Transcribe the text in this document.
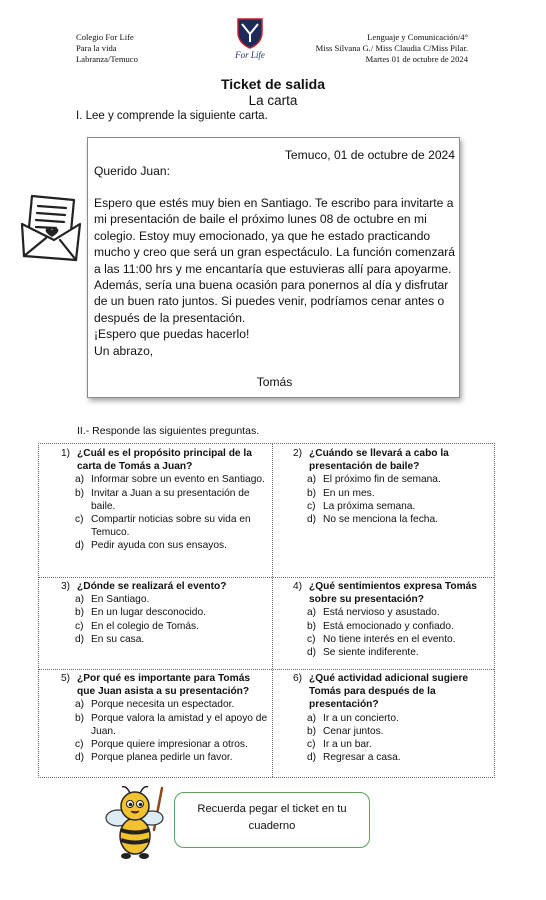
Colegio For Life
Para la vida
Labranza/Temuco	For Life
Lenguaje y Comunicación/4°
Miss Silvana G./ Miss Claudia C/Miss Pilar.
Martes 01 de octubre de 2024
Ticket de salida
La carta
I. Lee y comprende la siguiente carta.
Temuco, 01 de octubre de 2024
Querido Juan:

Espero que estés muy bien en Santiago. Te escribo para invitarte a mi presentación de baile el próximo lunes 08 de octubre en mi colegio. Estoy muy emocionado, ya que he estado practicando mucho y creo que será un gran espectáculo. La función comenzará a las 11:00 hrs y me encantaría que estuvieras allí para apoyarme.

Además, sería una buena ocasión para ponernos al día y disfrutar de un buen rato juntos. Si puedes venir, podríamos cenar antes o después de la presentación.

¡Espero que puedas hacerlo!

Un abrazo,

Tomás
II.- Responde las siguientes preguntas.
1) ¿Cuál es el propósito principal de la carta de Tomás a Juan?
a) Informar sobre un evento en Santiago.
b) Invitar a Juan a su presentación de baile.
c) Compartir noticias sobre su vida en Temuco.
d) Pedir ayuda con sus ensayos.
2) ¿Cuándo se llevará a cabo la presentación de baile?
a) El próximo fin de semana.
b) En un mes.
c) La próxima semana.
d) No se menciona la fecha.
3) ¿Dónde se realizará el evento?
a) En Santiago.
b) En un lugar desconocido.
c) En el colegio de Tomás.
d) En su casa.
4) ¿Qué sentimientos expresa Tomás sobre su presentación?
a) Está nervioso y asustado.
b) Está emocionado y confiado.
c) No tiene interés en el evento.
d) Se siente indiferente.
5) ¿Por qué es importante para Tomás que Juan asista a su presentación?
a) Porque necesita un espectador.
b) Porque valora la amistad y el apoyo de Juan.
c) Porque quiere impresionar a otros.
d) Porque planea pedirle un favor.
6) ¿Qué actividad adicional sugiere Tomás para después de la presentación?
a) Ir a un concierto.
b) Cenar juntos.
c) Ir a un bar.
d) Regresar a casa.
Recuerda pegar el ticket en tu cuaderno
